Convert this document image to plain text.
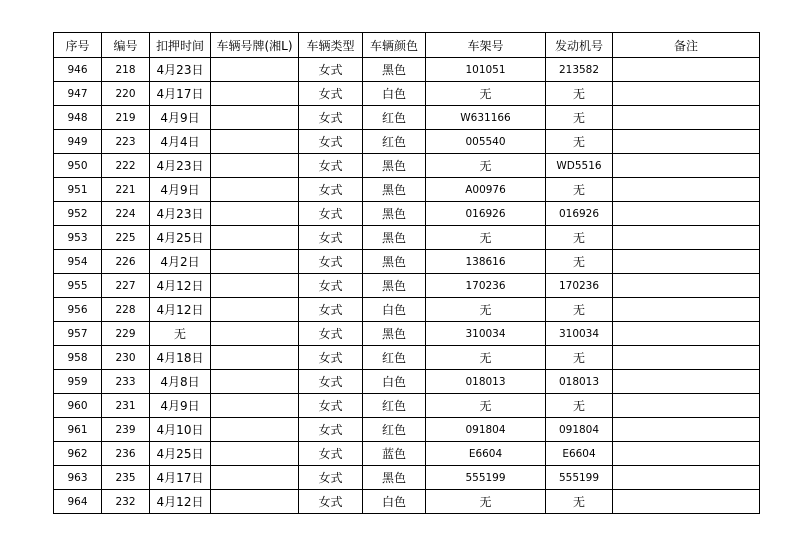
序号	编号	扣押时间	车辆号牌(湘L)	车辆类型	车辆颜色	车架号	发动机号	备注
946	218	4月23日		女式	黑色	101051	213582	
947	220	4月17日		女式	白色	无	无	
948	219	4月9日		女式	红色	W631166	无	
949	223	4月4日		女式	红色	005540	无	
950	222	4月23日		女式	黑色	无	WD5516	
951	221	4月9日		女式	黑色	A00976	无	
952	224	4月23日		女式	黑色	016926	016926	
953	225	4月25日		女式	黑色	无	无	
954	226	4月2日		女式	黑色	138616	无	
955	227	4月12日		女式	黑色	170236	170236	
956	228	4月12日		女式	白色	无	无	
957	229	无		女式	黑色	310034	310034	
958	230	4月18日		女式	红色	无	无	
959	233	4月8日		女式	白色	018013	018013	
960	231	4月9日		女式	红色	无	无	
961	239	4月10日		女式	红色	091804	091804	
962	236	4月25日		女式	蓝色	E6604	E6604	
963	235	4月17日		女式	黑色	555199	555199	
964	232	4月12日		女式	白色	无	无	
